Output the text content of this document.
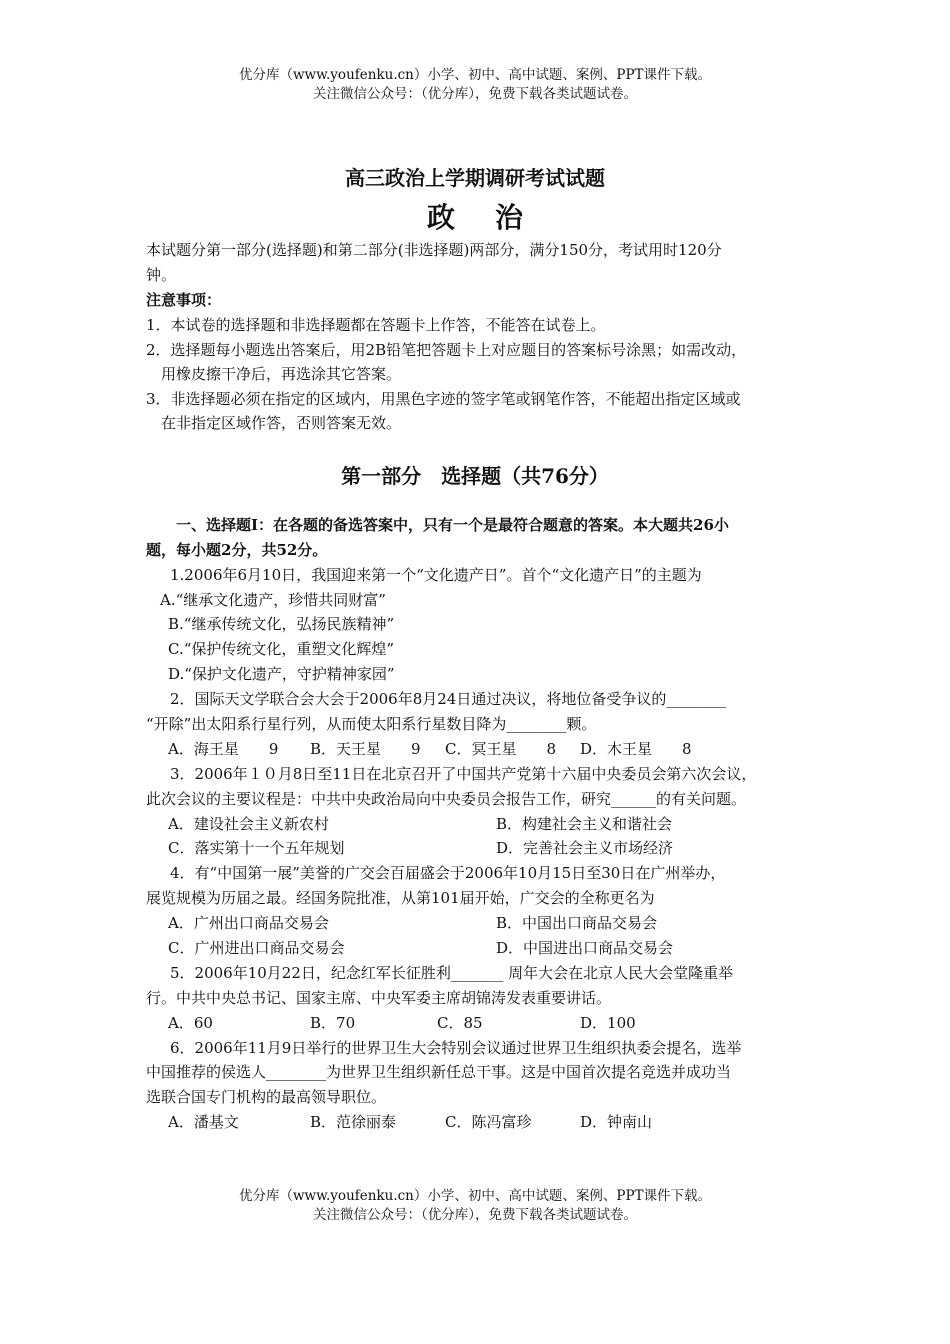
优分库（www.youfenku.cn）小学、初中、高中试题、案例、PPT课件下载。
关注微信公众号：（优分库），免费下载各类试题试卷。
高三政治上学期调研考试试题
政治
本试题分第一部分(选择题)和第二部分(非选择题)两部分，满分150分，考试用时120分
钟。
注意事项：
1．本试卷的选择题和非选择题都在答题卡上作答，不能答在试卷上。
2．选择题每小题选出答案后，用2B铅笔把答题卡上对应题目的答案标号涂黑；如需改动，
用橡皮擦干净后，再选涂其它答案。
3．非选择题必须在指定的区域内，用黑色字迹的签字笔或钢笔作答，不能超出指定区域或
在非指定区域作答，否则答案无效。
第一部分　选择题（共76分）
一、选择题Ⅰ：在各题的备选答案中，只有一个是最符合题意的答案。本大题共26小
题，每小题2分，共52分。
1.2006年6月10日，我国迎来第一个“文化遗产日”。首个“文化遗产日”的主题为
A.“继承文化遗产，珍惜共同财富”
B.“继承传统文化，弘扬民族精神”
C.“保护传统文化，重塑文化辉煌”
D.“保护文化遗产，守护精神家园”
2．国际天文学联合会大会于2006年8月24日通过决议，将地位备受争议的________
“开除”出太阳系行星行列，从而使太阳系行星数目降为________颗。
A．海王星　　9 B．天王星　　9 C．冥王星　　8 D．木王星　　8
3．2006年１０月8日至11日在北京召开了中国共产党第十六届中央委员会第六次会议，
此次会议的主要议程是：中共中央政治局向中央委员会报告工作，研究______的有关问题。
A．建设社会主义新农村	B．构建社会主义和谐社会
C．落实第十一个五年规划	D．完善社会主义市场经济
4．有“中国第一展”美誉的广交会百届盛会于2006年10月15日至30日在广州举办，
展览规模为历届之最。经国务院批准，从第101届开始，广交会的全称更名为
A．广州出口商品交易会	B．中国出口商品交易会
C．广州进出口商品交易会	D．中国进出口商品交易会
5．2006年10月22日，纪念红军长征胜利_______ 周年大会在北京人民大会堂隆重举
行。中共中央总书记、国家主席、中央军委主席胡锦涛发表重要讲话。
A．60	B．70	C．85	D．100
6．2006年11月9日举行的世界卫生大会特别会议通过世界卫生组织执委会提名，选举
中国推荐的侯选人________为世界卫生组织新任总干事。这是中国首次提名竞选并成功当
选联合国专门机构的最高领导职位。
A．潘基文	B．范徐丽泰	C．陈冯富珍	D．钟南山
优分库（www.youfenku.cn）小学、初中、高中试题、案例、PPT课件下载。
关注微信公众号：（优分库），免费下载各类试题试卷。
